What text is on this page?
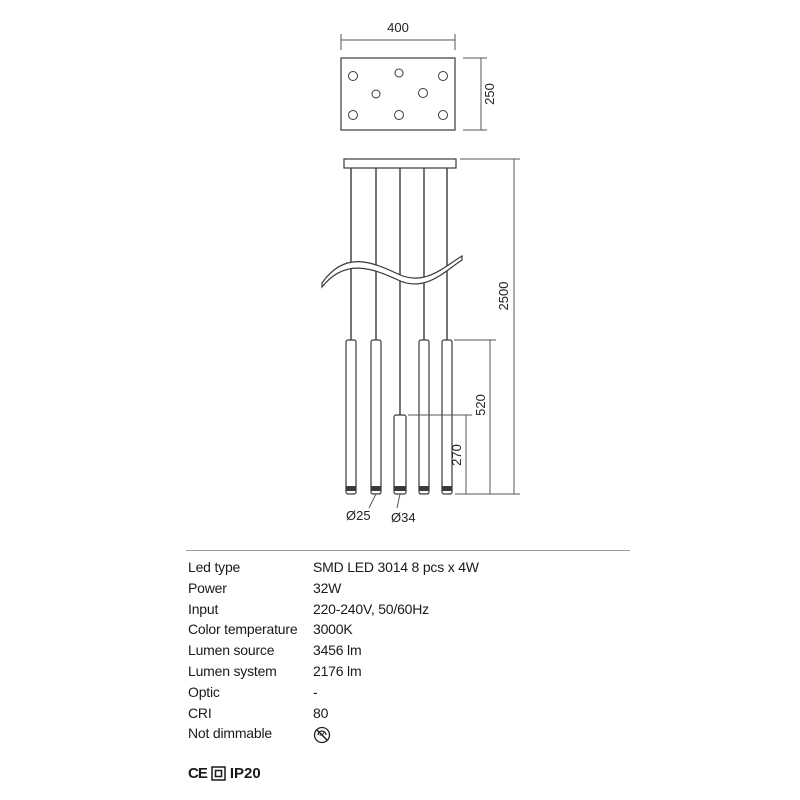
400
250
2500
520
270
Ø25 Ø34
Led type	SMD LED 3014 8 pcs x 4W
Power	32W
Input	220-240V, 50/60Hz
Color temperature	3000K
Lumen source	3456 lm
Lumen system	2176 lm
Optic	-
CRI	80
Not dimmable	
CE IP20
